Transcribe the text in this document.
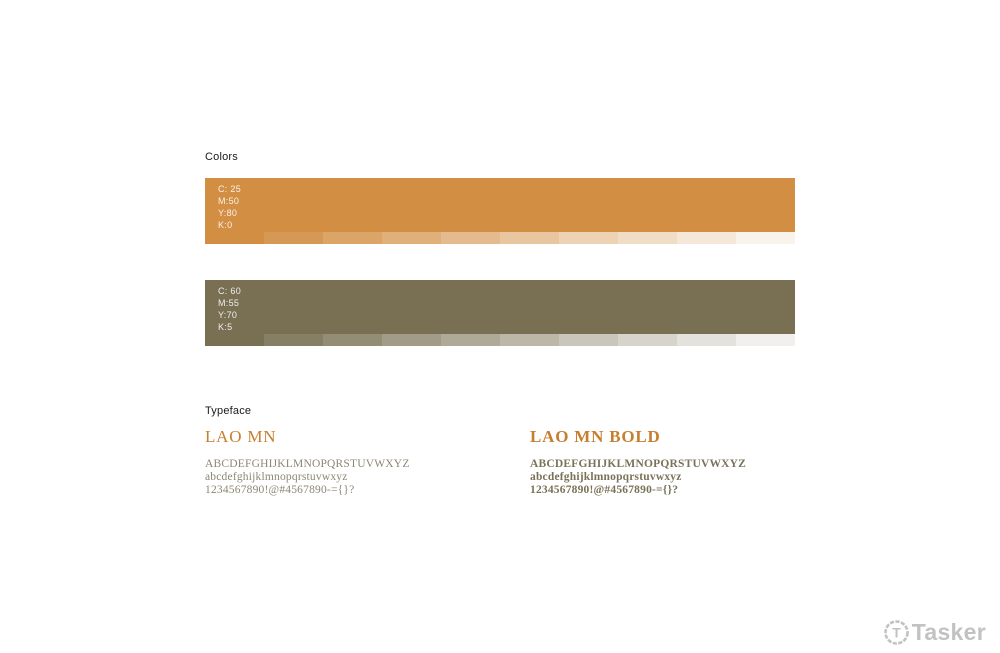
Colors
C: 25
M:50
Y:80
K:0
C: 60
M:55
Y:70
K:5
Typeface
LAO MN
ABCDEFGHIJKLMNOPQRSTUVWXYZ
abcdefghijklmnopqrstuvwxyz
1234567890!@#4567890-={}?
LAO MN BOLD
ABCDEFGHIJKLMNOPQRSTUVWXYZ
abcdefghijklmnopqrstuvwxyz
1234567890!@#4567890-={}?
T Tasker
